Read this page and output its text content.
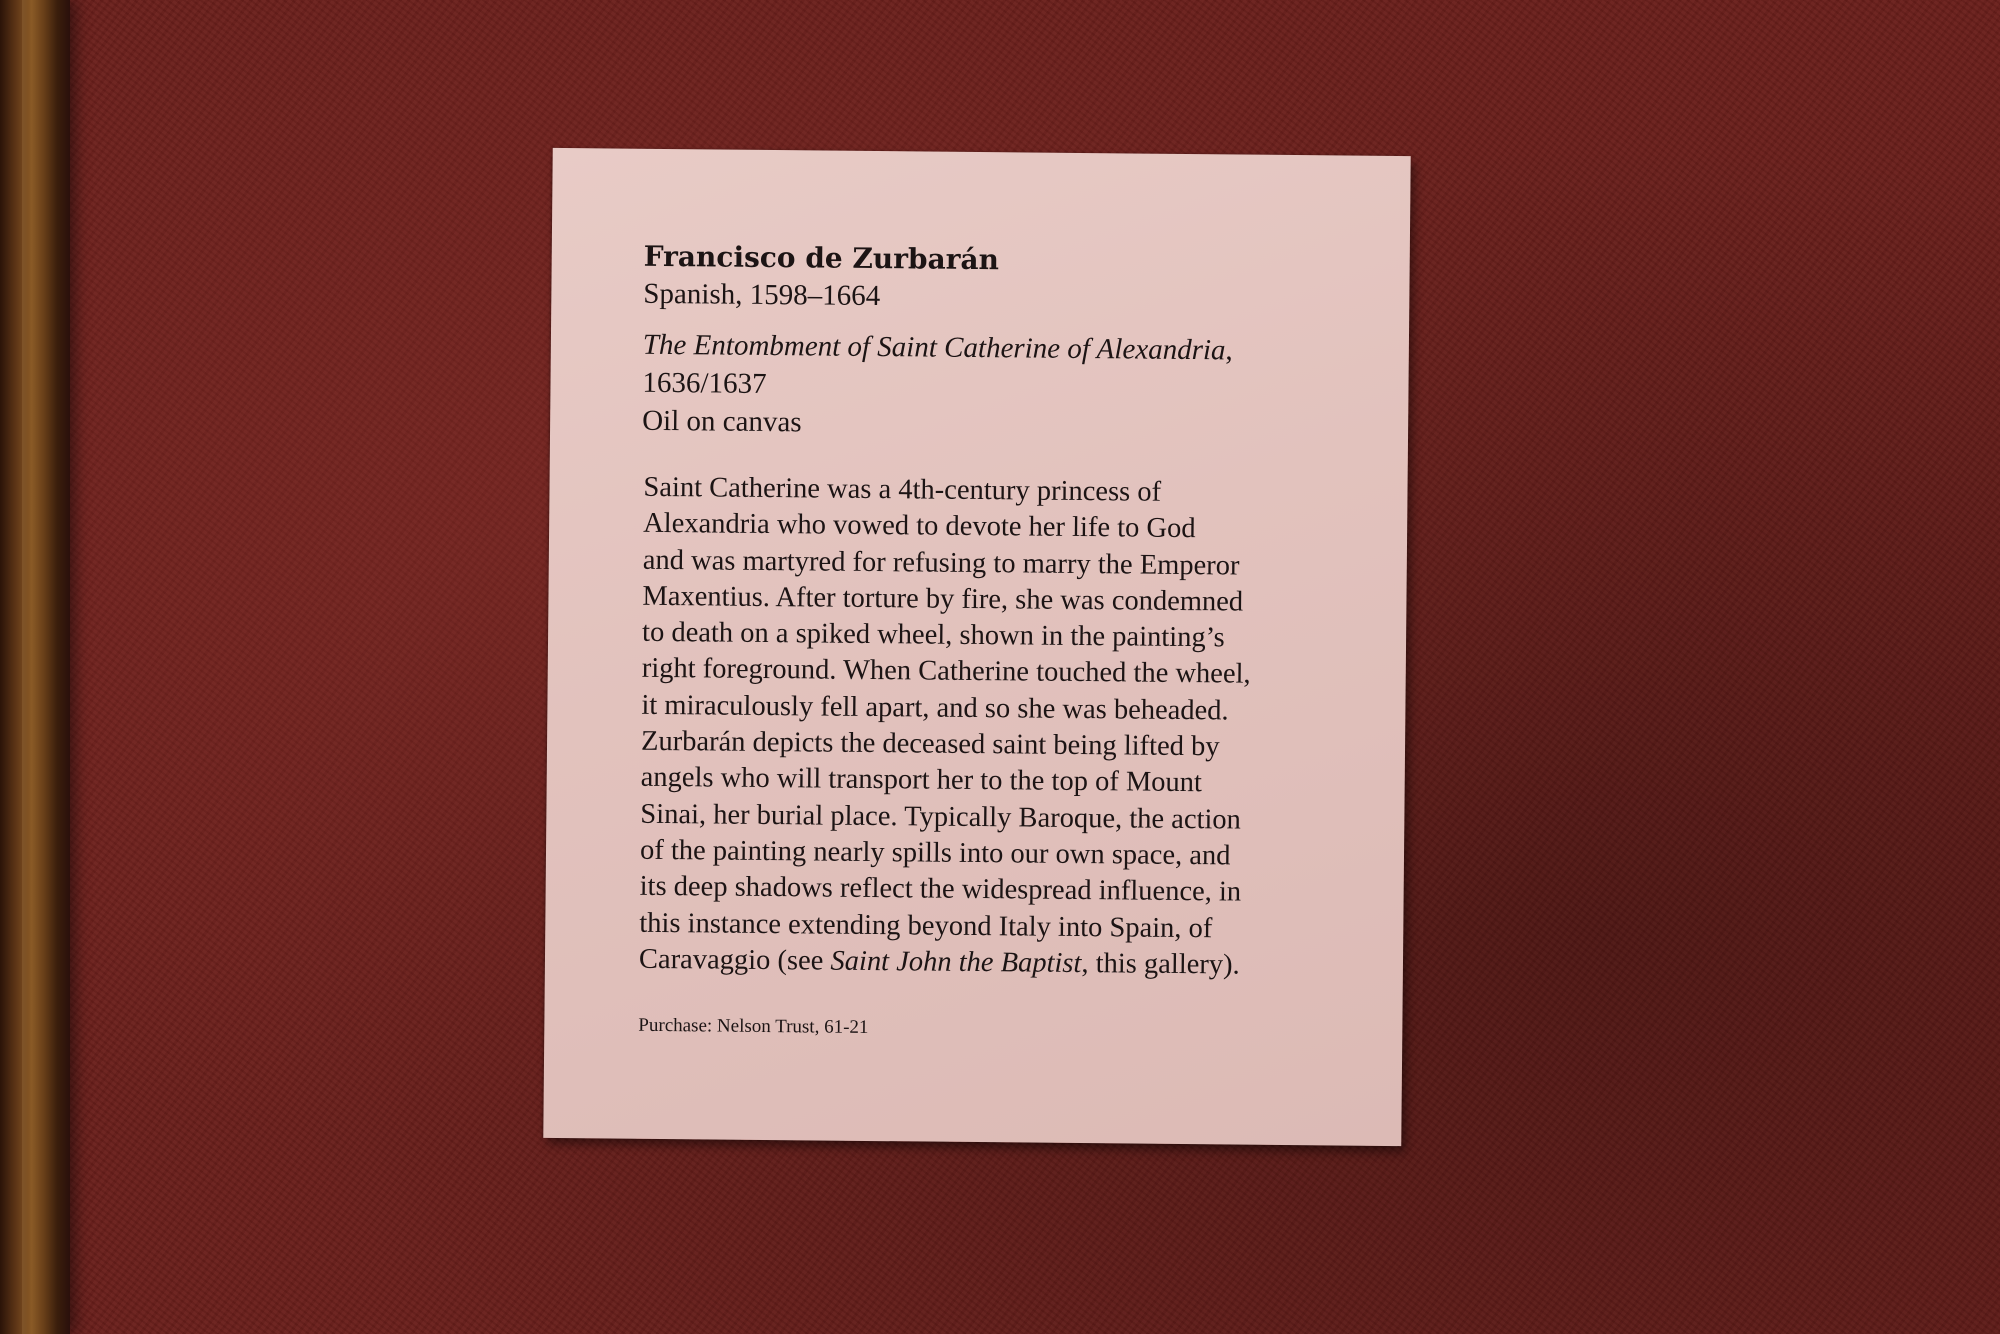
Francisco de Zurbarán

Spanish, 1598–1664

The Entombment of Saint Catherine of Alexandria,

1636/1637

Oil on canvas

Saint Catherine was a 4th-century princess of
Alexandria who vowed to devote her life to God
and was martyred for refusing to marry the Emperor
Maxentius. After torture by fire, she was condemned
to death on a spiked wheel, shown in the painting’s
right foreground. When Catherine touched the wheel,
it miraculously fell apart, and so she was beheaded.
Zurbarán depicts the deceased saint being lifted by
angels who will transport her to the top of Mount
Sinai, her burial place. Typically Baroque, the action
of the painting nearly spills into our own space, and
its deep shadows reflect the widespread influence, in
this instance extending beyond Italy into Spain, of
Caravaggio (see Saint John the Baptist, this gallery).

Purchase: Nelson Trust, 61-21
